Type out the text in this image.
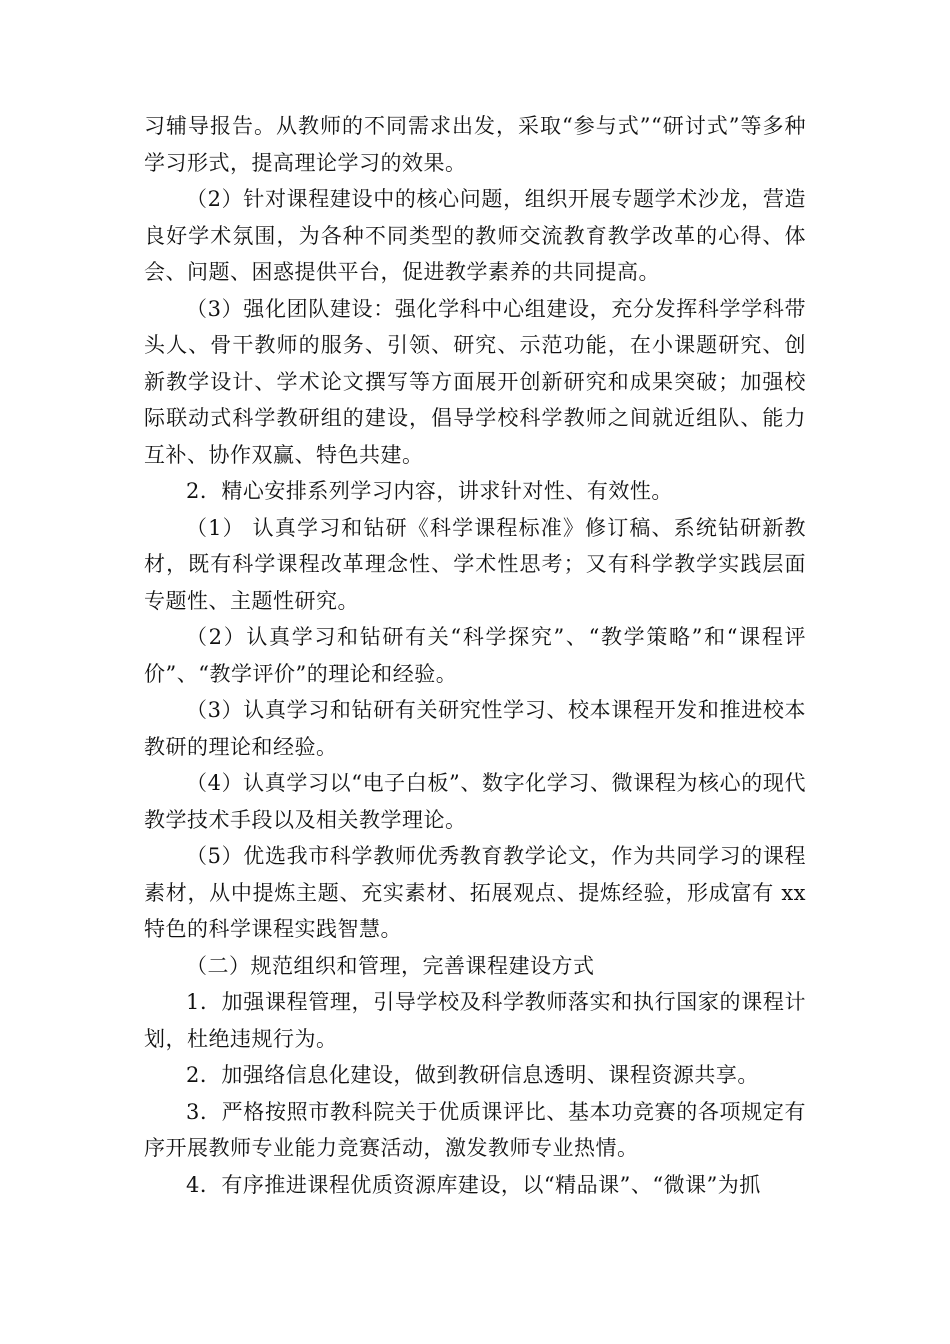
习辅导报告。从教师的不同需求出发，采取“参与式”“研讨式”等多种学习形式，提高理论学习的效果。

（2）针对课程建设中的核心问题，组织开展专题学术沙龙，营造良好学术氛围，为各种不同类型的教师交流教育教学改革的心得、体会、问题、困惑提供平台，促进教学素养的共同提高。

（3）强化团队建设：强化学科中心组建设，充分发挥科学学科带头人、骨干教师的服务、引领、研究、示范功能，在小课题研究、创新教学设计、学术论文撰写等方面展开创新研究和成果突破；加强校际联动式科学教研组的建设，倡导学校科学教师之间就近组队、能力互补、协作双赢、特色共建。

2．精心安排系列学习内容，讲求针对性、有效性。

（1） 认真学习和钻研《科学课程标准》修订稿、系统钻研新教材，既有科学课程改革理念性、学术性思考；又有科学教学实践层面专题性、主题性研究。

（2）认真学习和钻研有关“科学探究”、“教学策略”和“课程评价”、“教学评价”的理论和经验。

（3）认真学习和钻研有关研究性学习、校本课程开发和推进校本教研的理论和经验。

（4）认真学习以“电子白板”、数字化学习、微课程为核心的现代教学技术手段以及相关教学理论。

（5）优选我市科学教师优秀教育教学论文，作为共同学习的课程素材，从中提炼主题、充实素材、拓展观点、提炼经验，形成富有 xx特色的科学课程实践智慧。

（二）规范组织和管理，完善课程建设方式

1．加强课程管理，引导学校及科学教师落实和执行国家的课程计划，杜绝违规行为。

2．加强络信息化建设，做到教研信息透明、课程资源共享。

3．严格按照市教科院关于优质课评比、基本功竞赛的各项规定有序开展教师专业能力竞赛活动，激发教师专业热情。

4．有序推进课程优质资源库建设，以“精品课”、“微课”为抓
